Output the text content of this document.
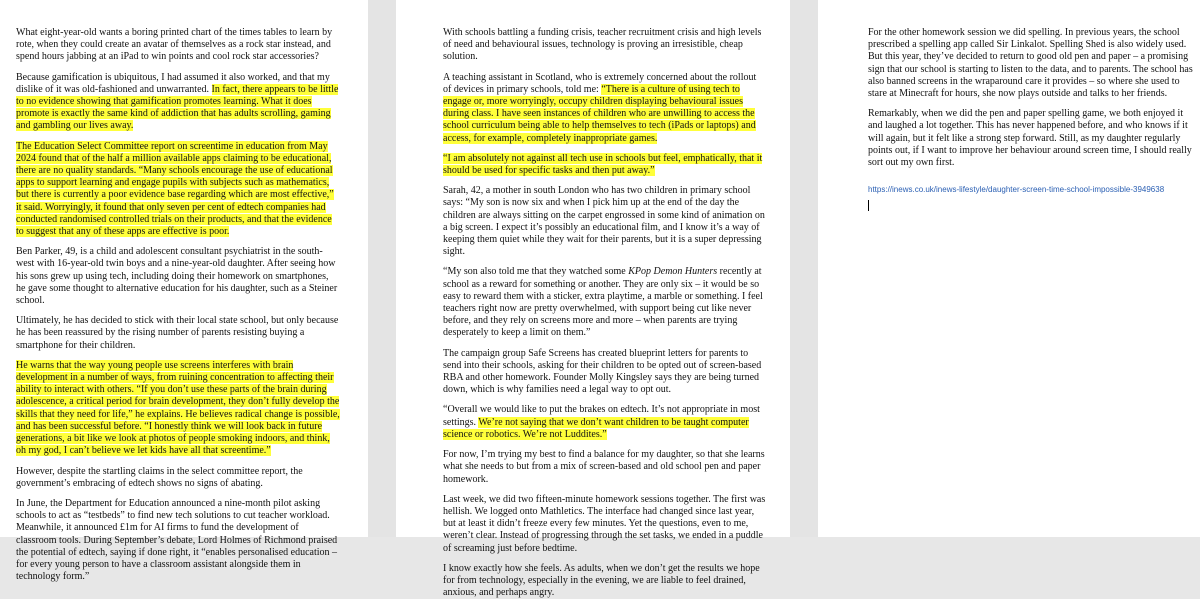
What eight-year-old wants a boring printed chart of the times tables to learn by rote, when they could create an avatar of themselves as a rock star instead, and spend hours jabbing at an iPad to win points and cool rock star accessories?

Because gamification is ubiquitous, I had assumed it also worked, and that my dislike of it was old-fashioned and unwarranted. In fact, there appears to be little to no evidence showing that gamification promotes learning. What it does promote is exactly the same kind of addiction that has adults scrolling, gaming and gambling our lives away.

The Education Select Committee report on screentime in education from May 2024 found that of the half a million available apps claiming to be educational, there are no quality standards. “Many schools encourage the use of educational apps to support learning and engage pupils with subjects such as mathematics, but there is currently a poor evidence base regarding which are most effective,” it said. Worryingly, it found that only seven per cent of edtech companies had conducted randomised controlled trials on their products, and that the evidence to suggest that any of these apps are effective is poor.

Ben Parker, 49, is a child and adolescent consultant psychiatrist in the south-west with 16-year-old twin boys and a nine-year-old daughter. After seeing how his sons grew up using tech, including doing their homework on smartphones, he gave some thought to alternative education for his daughter, such as a Steiner school.

Ultimately, he has decided to stick with their local state school, but only because he has been reassured by the rising number of parents resisting buying a smartphone for their children.

He warns that the way young people use screens interferes with brain development in a number of ways, from ruining concentration to affecting their ability to interact with others. “If you don’t use these parts of the brain during adolescence, a critical period for brain development, they don’t fully develop the skills that they need for life,” he explains. He believes radical change is possible, and has been successful before. “I honestly think we will look back in future generations, a bit like we look at photos of people smoking indoors, and think, oh my god, I can’t believe we let kids have all that screentime.”

However, despite the startling claims in the select committee report, the government’s embracing of edtech shows no signs of abating.

In June, the Department for Education announced a nine-month pilot asking schools to act as “testbeds” to find new tech solutions to cut teacher workload. Meanwhile, it announced £1m for AI firms to fund the development of classroom tools. During September’s debate, Lord Holmes of Richmond praised the potential of edtech, saying if done right, it “enables personalised education – for every young person to have a classroom assistant alongside them in technology form.”

With schools battling a funding crisis, teacher recruitment crisis and high levels of need and behavioural issues, technology is proving an irresistible, cheap solution.

A teaching assistant in Scotland, who is extremely concerned about the rollout of devices in primary schools, told me: “There is a culture of using tech to engage or, more worryingly, occupy children displaying behavioural issues during class. I have seen instances of children who are unwilling to access the school curriculum being able to help themselves to tech (iPads or laptops) and access, for example, completely inappropriate games.

“I am absolutely not against all tech use in schools but feel, emphatically, that it should be used for specific tasks and then put away.”

Sarah, 42, a mother in south London who has two children in primary school says: “My son is now six and when I pick him up at the end of the day the children are always sitting on the carpet engrossed in some kind of animation on a big screen. I expect it’s possibly an educational film, and I know it’s a way of keeping them quiet while they wait for their parents, but it is a super depressing sight.

“My son also told me that they watched some KPop Demon Hunters recently at school as a reward for something or another. They are only six – it would be so easy to reward them with a sticker, extra playtime, a marble or something. I feel teachers right now are pretty overwhelmed, with support being cut like never before, and they rely on screens more and more – when parents are trying desperately to keep a limit on them.”

The campaign group Safe Screens has created blueprint letters for parents to send into their schools, asking for their children to be opted out of screen-based RBA and other homework. Founder Molly Kingsley says they are being turned down, which is why families need a legal way to opt out.

“Overall we would like to put the brakes on edtech. It’s not appropriate in most settings. We’re not saying that we don’t want children to be taught computer science or robotics. We’re not Luddites.”

For now, I’m trying my best to find a balance for my daughter, so that she learns what she needs to but from a mix of screen-based and old school pen and paper homework.

Last week, we did two fifteen-minute homework sessions together. The first was hellish. We logged onto Mathletics. The interface had changed since last year, but at least it didn’t freeze every few minutes. Yet the questions, even to me, weren’t clear. Instead of progressing through the set tasks, we ended in a puddle of screaming just before bedtime.

I know exactly how she feels. As adults, when we don’t get the results we hope for from technology, especially in the evening, we are liable to feel drained, anxious, and perhaps angry.

For the other homework session we did spelling. In previous years, the school prescribed a spelling app called Sir Linkalot. Spelling Shed is also widely used. But this year, they’ve decided to return to good old pen and paper – a promising sign that our school is starting to listen to the data, and to parents. The school has also banned screens in the wraparound care it provides – so where she used to stare at Minecraft for hours, she now plays outside and talks to her friends.

Remarkably, when we did the pen and paper spelling game, we both enjoyed it and laughed a lot together. This has never happened before, and who knows if it will again, but it felt like a strong step forward. Still, as my daughter regularly points out, if I want to improve her behaviour around screen time, I should really sort out my own first.

https://inews.co.uk/inews-lifestyle/daughter-screen-time-school-impossible-3949638
